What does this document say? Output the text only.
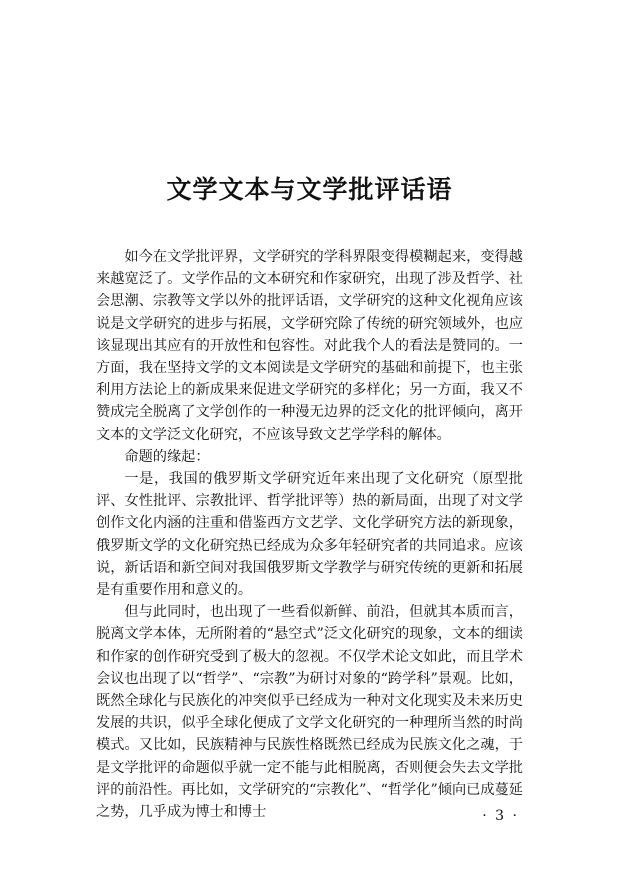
文学文本与文学批评话语

如今在文学批评界，文学研究的学科界限变得模糊起来，变得越来越宽泛了。文学作品的文本研究和作家研究，出现了涉及哲学、社会思潮、宗教等文学以外的批评话语，文学研究的这种文化视角应该说是文学研究的进步与拓展，文学研究除了传统的研究领域外，也应该显现出其应有的开放性和包容性。对此我个人的看法是赞同的。一方面，我在坚持文学的文本阅读是文学研究的基础和前提下，也主张利用方法论上的新成果来促进文学研究的多样化；另一方面，我又不赞成完全脱离了文学创作的一种漫无边界的泛文化的批评倾向，离开文本的文学泛文化研究，不应该导致文艺学学科的解体。

命题的缘起：

一是，我国的俄罗斯文学研究近年来出现了文化研究（原型批评、女性批评、宗教批评、哲学批评等）热的新局面，出现了对文学创作文化内涵的注重和借鉴西方文艺学、文化学研究方法的新现象，俄罗斯文学的文化研究热已经成为众多年轻研究者的共同追求。应该说，新话语和新空间对我国俄罗斯文学教学与研究传统的更新和拓展是有重要作用和意义的。

但与此同时，也出现了一些看似新鲜、前沿，但就其本质而言，脱离文学本体，无所附着的“悬空式”泛文化研究的现象，文本的细读和作家的创作研究受到了极大的忽视。不仅学术论文如此，而且学术会议也出现了以“哲学”、“宗教”为研讨对象的“跨学科”景观。比如，既然全球化与民族化的冲突似乎已经成为一种对文化现实及未来历史发展的共识，似乎全球化便成了文学文化研究的一种理所当然的时尚模式。又比如，民族精神与民族性格既然已经成为民族文化之魂，于是文学批评的命题似乎就一定不能与此相脱离，否则便会失去文学批评的前沿性。再比如，文学研究的“宗教化”、“哲学化”倾向已成蔓延之势，几乎成为博士和博士	· 3 ·
